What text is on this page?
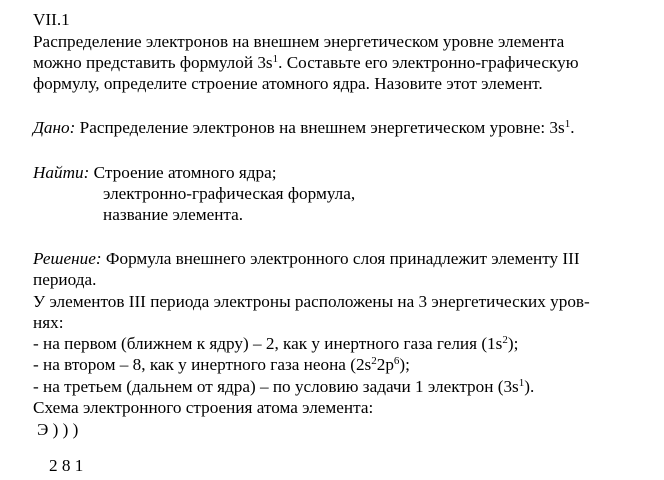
VII.1
Распределение электронов на внешнем энергетическом уровне элемента
можно представить формулой $3s^1$. Составьте его электронно-графическую
формулу, определите строение атомного ядра. Назовите этот элемент.
Дано: Распределение электронов на внешнем энергетическом уровне: $3s^1$.
Найти: Строение атомного ядра;
электронно-графическая формула,
название элемента.
Решение: Формула внешнего электронного слоя принадлежит элементу III
периода.
У элементов III периода электроны расположены на 3 энергетических уров-
нях:
- на первом (ближнем к ядру) – 2, как у инертного газа гелия $(1s^2)$;
- на втором – 8, как у инертного газа неона $(2s^22p^6)$;
- на третьем (дальнем от ядра) – по условию задачи 1 электрон $(3s^1)$.
Схема электронного строения атома элемента:
Э ) ) )
2 8 1
